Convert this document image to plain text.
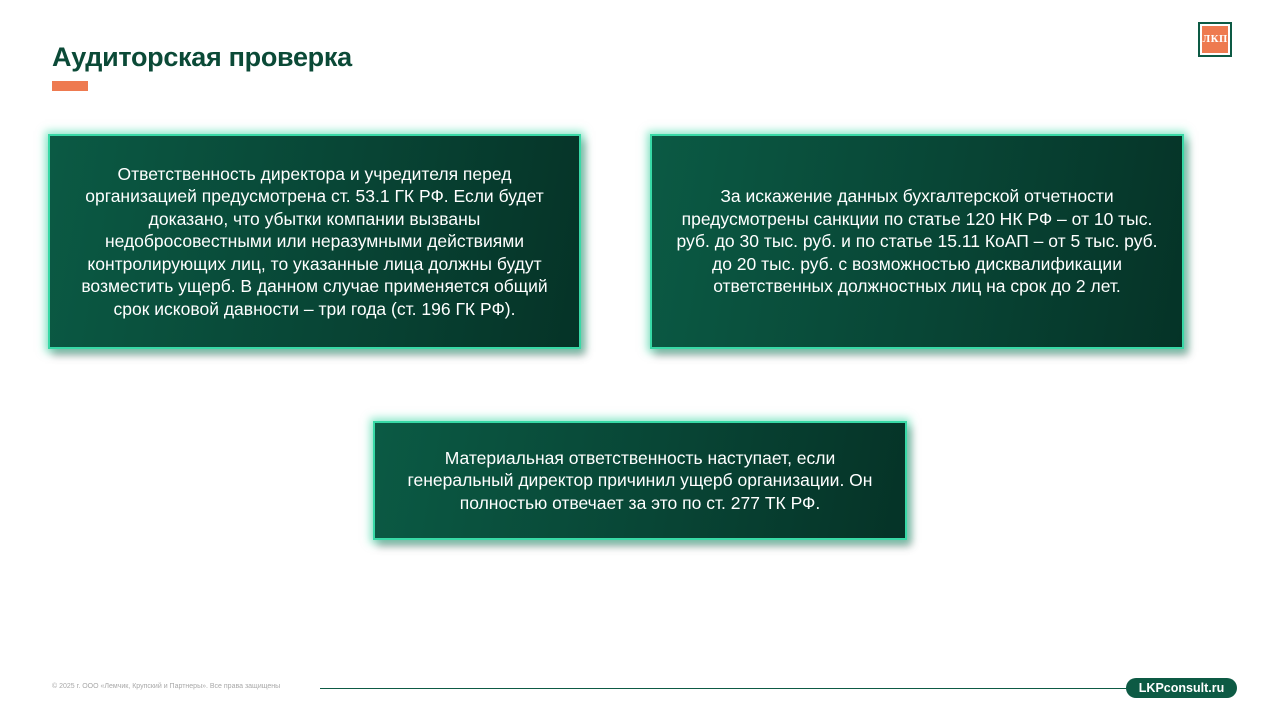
Аудиторская проверка
ЛКП
Ответственность директора и учредителя перед организацией предусмотрена ст. 53.1 ГК РФ. Если будет доказано, что убытки компании вызваны недобросовестными или неразумными действиями контролирующих лиц, то указанные лица должны будут возместить ущерб. В данном случае применяется общий срок исковой давности – три года (ст. 196 ГК РФ).
За искажение данных бухгалтерской отчетности предусмотрены санкции по статье 120 НК РФ – от 10 тыс. руб. до 30 тыс. руб. и по статье 15.11 КоАП – от 5 тыс. руб. до 20 тыс. руб. с возможностью дисквалификации ответственных должностных лиц на срок до 2 лет.
Материальная ответственность наступает, если генеральный директор причинил ущерб организации. Он полностью отвечает за это по ст. 277 ТК РФ.
© 2025 г. ООО «Лемчик, Крупский и Партнеры». Все права защищены	LKPconsult.ru
